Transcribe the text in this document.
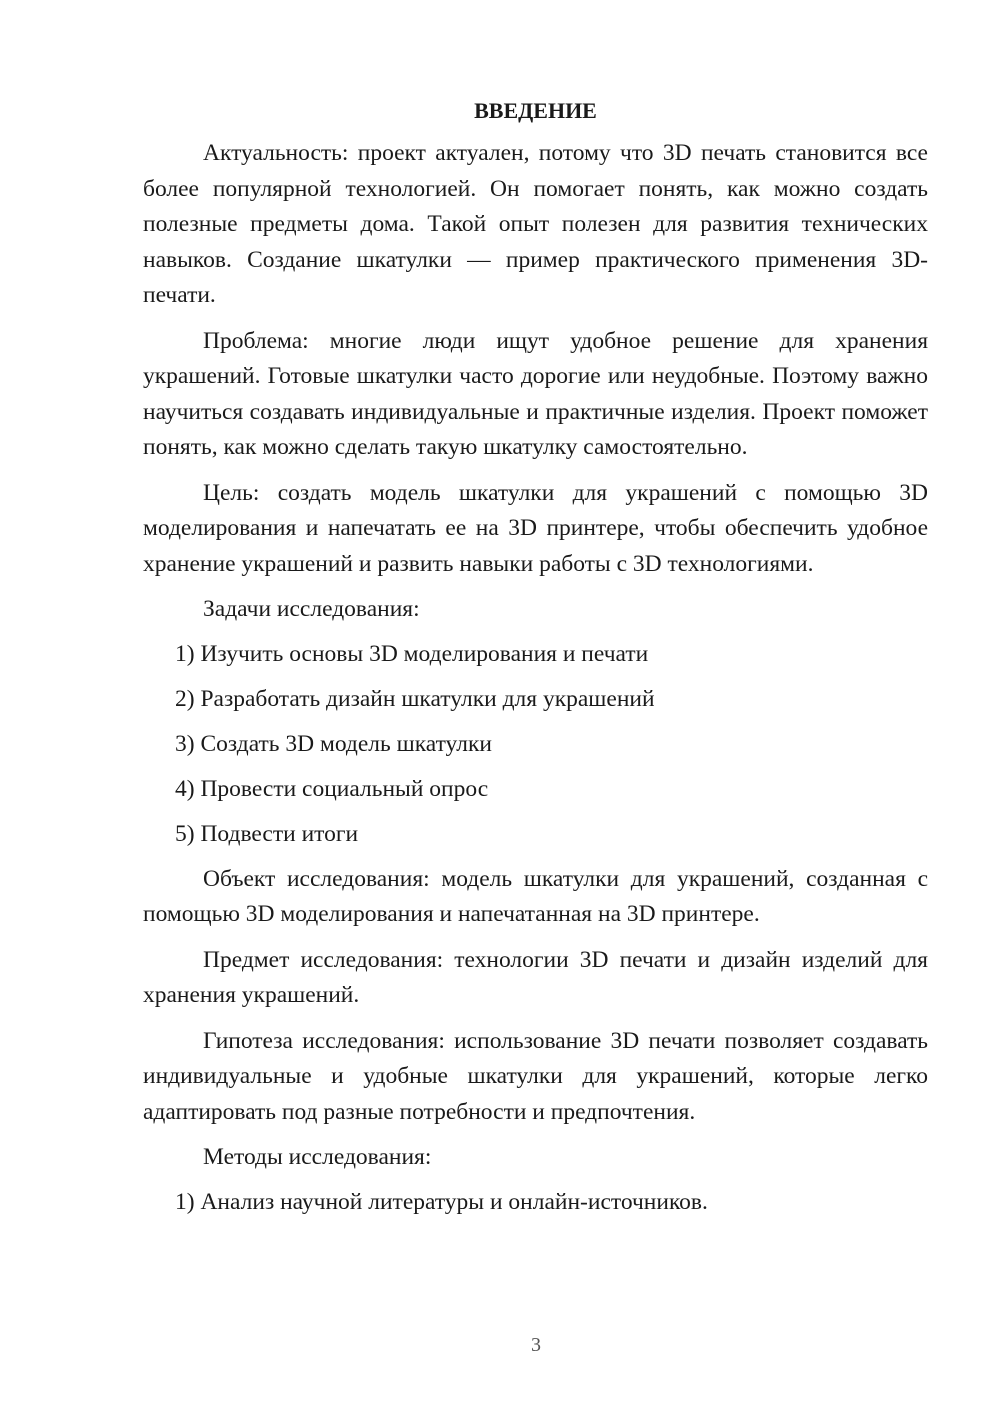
ВВЕДЕНИЕ

Актуальность: проект актуален, потому что 3D печать становится все более популярной технологией. Он помогает понять, как можно создать полезные предметы дома. Такой опыт полезен для развития технических навыков. Создание шкатулки — пример практического применения 3D-печати.

Проблема: многие люди ищут удобное решение для хранения украшений. Готовые шкатулки часто дорогие или неудобные. Поэтому важно научиться создавать индивидуальные и практичные изделия. Проект поможет понять, как можно сделать такую шкатулку самостоятельно.

Цель: создать модель шкатулки для украшений с помощью 3D моделирования и напечатать ее на 3D принтере, чтобы обеспечить удобное хранение украшений и развить навыки работы с 3D технологиями.

Задачи исследования:

1) Изучить основы 3D моделирования и печати
2) Разработать дизайн шкатулки для украшений
3) Создать 3D модель шкатулки
4) Провести социальный опрос
5) Подвести итоги

Объект исследования: модель шкатулки для украшений, созданная с помощью 3D моделирования и напечатанная на 3D принтере.

Предмет исследования: технологии 3D печати и дизайн изделий для хранения украшений.

Гипотеза исследования: использование 3D печати позволяет создавать индивидуальные и удобные шкатулки для украшений, которые легко адаптировать под разные потребности и предпочтения.

Методы исследования:

1) Анализ научной литературы и онлайн-источников.
3
